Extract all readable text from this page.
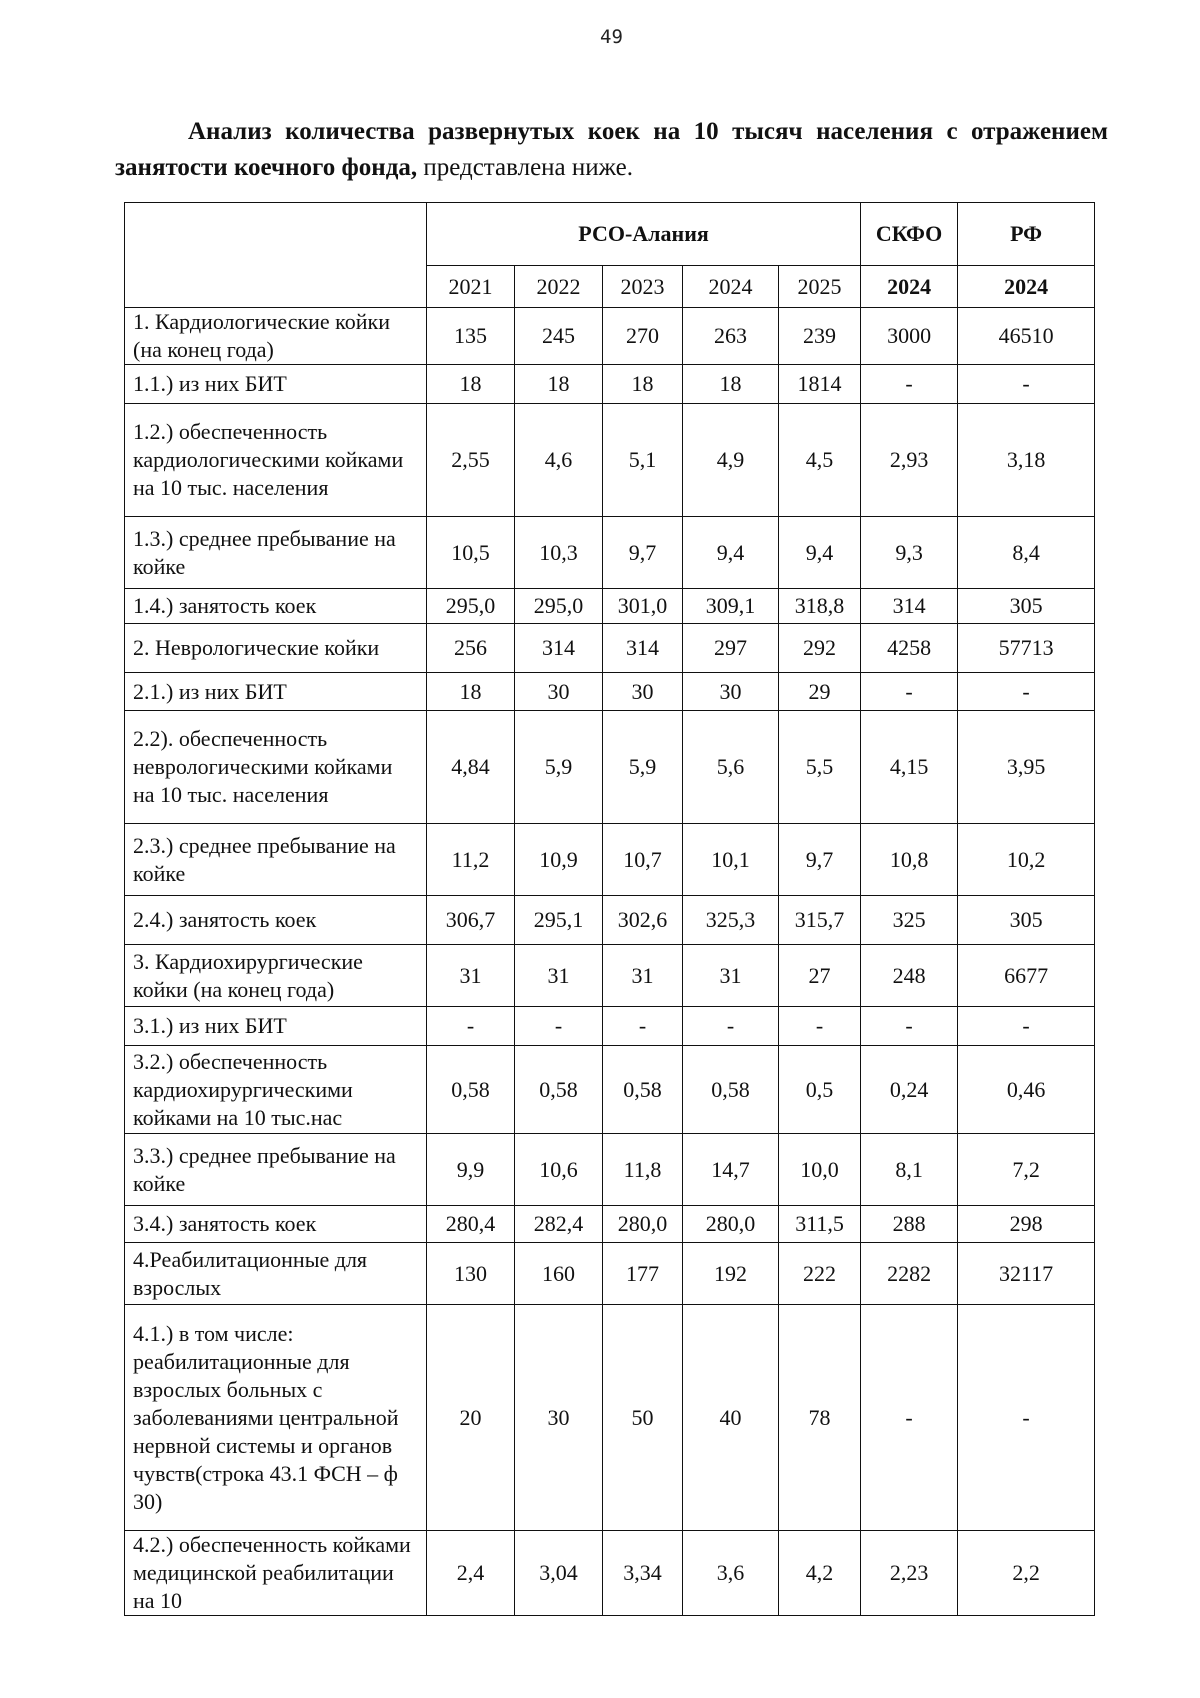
49

Анализ количества развернутых коек на 10 тысяч населения с отражением занятости коечного фонда, представлена ниже.

	РСО-Алания					СКФО	РФ
	2021	2022	2023	2024	2025	2024	2024
1. Кардиологические койки (на конец года)	135	245	270	263	239	3000	46510
1.1.) из них БИТ	18	18	18	18	1814	-	-
1.2.) обеспеченность кардиологическими койками на 10 тыс. населения	2,55	4,6	5,1	4,9	4,5	2,93	3,18
1.3.) среднее пребывание на койке	10,5	10,3	9,7	9,4	9,4	9,3	8,4
1.4.) занятость коек	295,0	295,0	301,0	309,1	318,8	314	305
2. Неврологические койки	256	314	314	297	292	4258	57713
2.1.) из них БИТ	18	30	30	30	29	-	-
2.2). обеспеченность неврологическими койками на 10 тыс. населения	4,84	5,9	5,9	5,6	5,5	4,15	3,95
2.3.) среднее пребывание на койке	11,2	10,9	10,7	10,1	9,7	10,8	10,2
2.4.) занятость коек	306,7	295,1	302,6	325,3	315,7	325	305
3. Кардиохирургические койки (на конец года)	31	31	31	31	27	248	6677
3.1.) из них БИТ	-	-	-	-	-	-	-
3.2.) обеспеченность кардиохирургическими койками на 10 тыс.нас	0,58	0,58	0,58	0,58	0,5	0,24	0,46
3.3.) среднее пребывание на койке	9,9	10,6	11,8	14,7	10,0	8,1	7,2
3.4.) занятость коек	280,4	282,4	280,0	280,0	311,5	288	298
4.Реабилитационные для взрослых	130	160	177	192	222	2282	32117
4.1.) в том числе: реабилитационные для взрослых больных с заболеваниями центральной нервной системы и органов чувств(строка 43.1 ФСН – ф 30)	20	30	50	40	78	-	-
4.2.) обеспеченность койками медицинской реабилитации на 10	2,4	3,04	3,34	3,6	4,2	2,23	2,2
